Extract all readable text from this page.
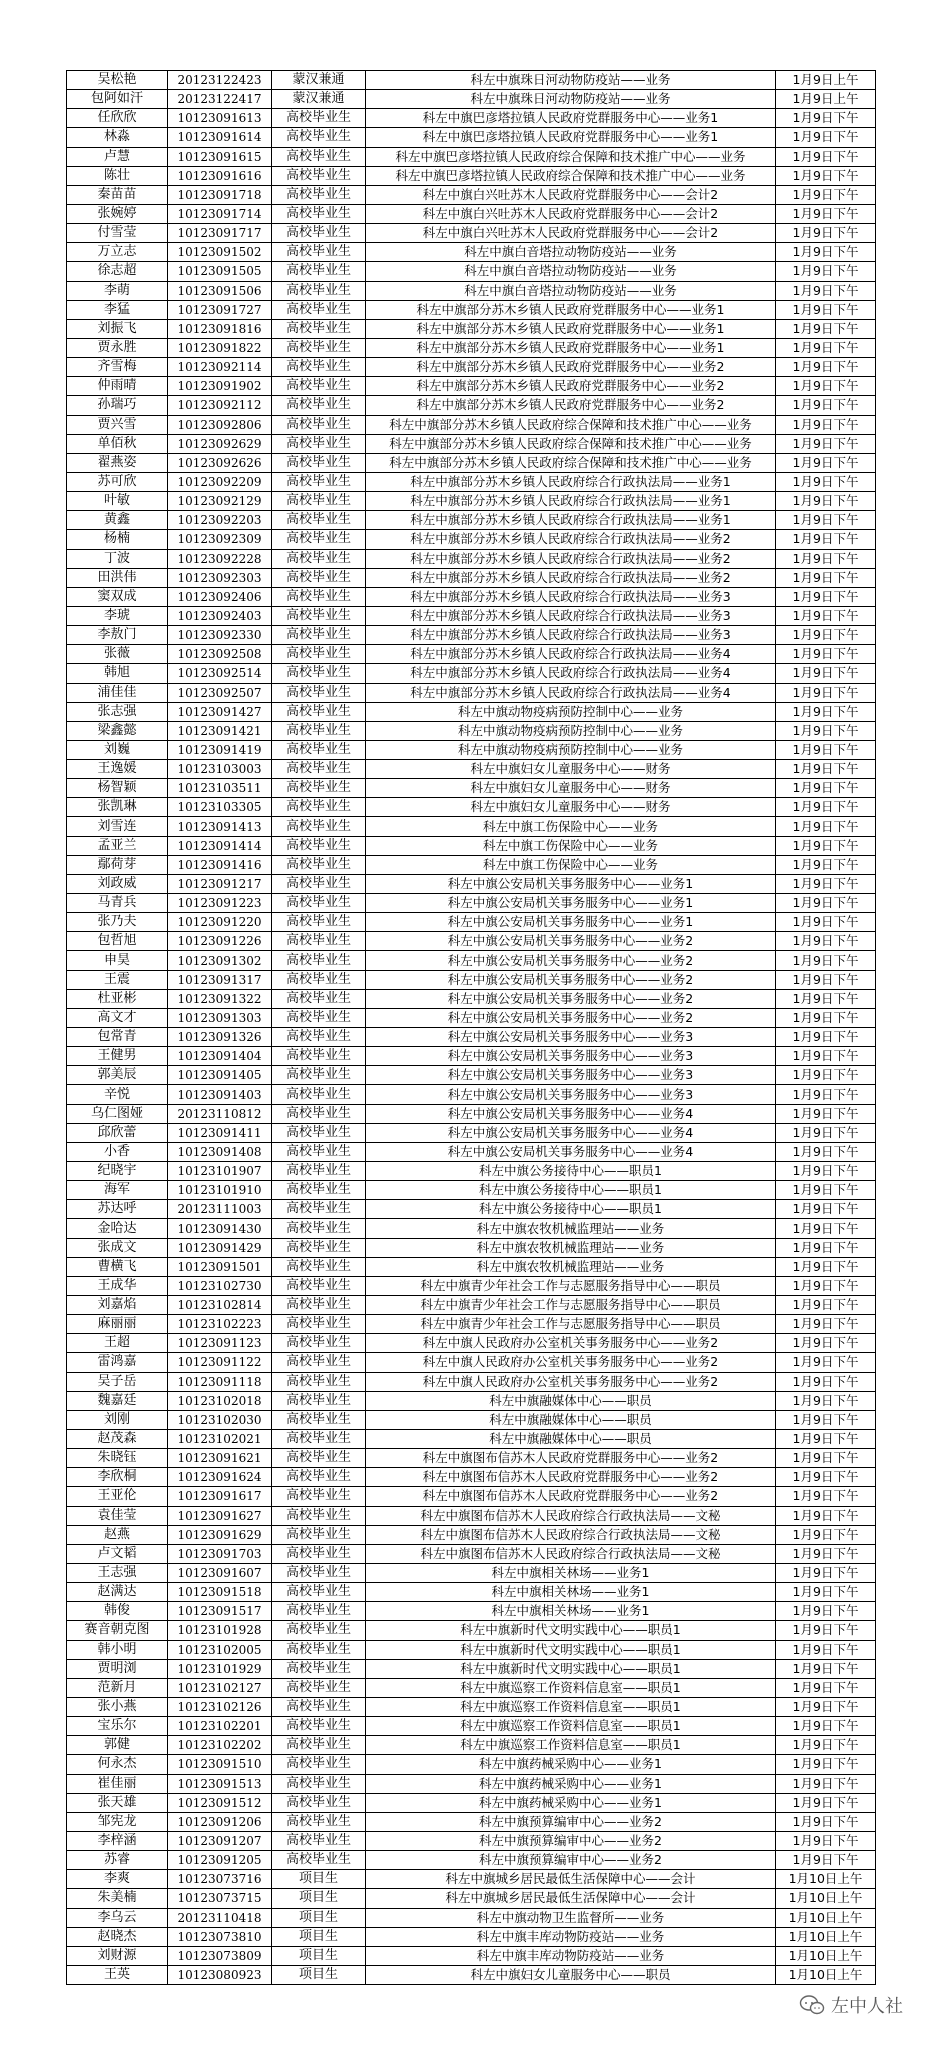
吴松艳	20123122423	蒙汉兼通	科左中旗珠日河动物防疫站——业务	1月9日上午
包阿如汗	20123122417	蒙汉兼通	科左中旗珠日河动物防疫站——业务	1月9日上午
任欣欣	10123091613	高校毕业生	科左中旗巴彦塔拉镇人民政府党群服务中心——业务1	1月9日下午
林淼	10123091614	高校毕业生	科左中旗巴彦塔拉镇人民政府党群服务中心——业务1	1月9日下午
卢慧	10123091615	高校毕业生	科左中旗巴彦塔拉镇人民政府综合保障和技术推广中心——业务	1月9日下午
陈壮	10123091616	高校毕业生	科左中旗巴彦塔拉镇人民政府综合保障和技术推广中心——业务	1月9日下午
秦苗苗	10123091718	高校毕业生	科左中旗白兴吐苏木人民政府党群服务中心——会计2	1月9日下午
张婉婷	10123091714	高校毕业生	科左中旗白兴吐苏木人民政府党群服务中心——会计2	1月9日下午
付雪莹	10123091717	高校毕业生	科左中旗白兴吐苏木人民政府党群服务中心——会计2	1月9日下午
万立志	10123091502	高校毕业生	科左中旗白音塔拉动物防疫站——业务	1月9日下午
徐志超	10123091505	高校毕业生	科左中旗白音塔拉动物防疫站——业务	1月9日下午
李萌	10123091506	高校毕业生	科左中旗白音塔拉动物防疫站——业务	1月9日下午
李猛	10123091727	高校毕业生	科左中旗部分苏木乡镇人民政府党群服务中心——业务1	1月9日下午
刘振飞	10123091816	高校毕业生	科左中旗部分苏木乡镇人民政府党群服务中心——业务1	1月9日下午
贾永胜	10123091822	高校毕业生	科左中旗部分苏木乡镇人民政府党群服务中心——业务1	1月9日下午
齐雪梅	10123092114	高校毕业生	科左中旗部分苏木乡镇人民政府党群服务中心——业务2	1月9日下午
仲雨晴	10123091902	高校毕业生	科左中旗部分苏木乡镇人民政府党群服务中心——业务2	1月9日下午
孙瑞巧	10123092112	高校毕业生	科左中旗部分苏木乡镇人民政府党群服务中心——业务2	1月9日下午
贾兴雪	10123092806	高校毕业生	科左中旗部分苏木乡镇人民政府综合保障和技术推广中心——业务	1月9日下午
单佰秋	10123092629	高校毕业生	科左中旗部分苏木乡镇人民政府综合保障和技术推广中心——业务	1月9日下午
翟燕姿	10123092626	高校毕业生	科左中旗部分苏木乡镇人民政府综合保障和技术推广中心——业务	1月9日下午
苏可欣	10123092209	高校毕业生	科左中旗部分苏木乡镇人民政府综合行政执法局——业务1	1月9日下午
叶敏	10123092129	高校毕业生	科左中旗部分苏木乡镇人民政府综合行政执法局——业务1	1月9日下午
黄鑫	10123092203	高校毕业生	科左中旗部分苏木乡镇人民政府综合行政执法局——业务1	1月9日下午
杨楠	10123092309	高校毕业生	科左中旗部分苏木乡镇人民政府综合行政执法局——业务2	1月9日下午
丁波	10123092228	高校毕业生	科左中旗部分苏木乡镇人民政府综合行政执法局——业务2	1月9日下午
田洪伟	10123092303	高校毕业生	科左中旗部分苏木乡镇人民政府综合行政执法局——业务2	1月9日下午
窦双成	10123092406	高校毕业生	科左中旗部分苏木乡镇人民政府综合行政执法局——业务3	1月9日下午
李琥	10123092403	高校毕业生	科左中旗部分苏木乡镇人民政府综合行政执法局——业务3	1月9日下午
李敖门	10123092330	高校毕业生	科左中旗部分苏木乡镇人民政府综合行政执法局——业务3	1月9日下午
张薇	10123092508	高校毕业生	科左中旗部分苏木乡镇人民政府综合行政执法局——业务4	1月9日下午
韩旭	10123092514	高校毕业生	科左中旗部分苏木乡镇人民政府综合行政执法局——业务4	1月9日下午
浦佳佳	10123092507	高校毕业生	科左中旗部分苏木乡镇人民政府综合行政执法局——业务4	1月9日下午
张志强	10123091427	高校毕业生	科左中旗动物疫病预防控制中心——业务	1月9日下午
梁鑫懿	10123091421	高校毕业生	科左中旗动物疫病预防控制中心——业务	1月9日下午
刘巍	10123091419	高校毕业生	科左中旗动物疫病预防控制中心——业务	1月9日下午
王逸媛	10123103003	高校毕业生	科左中旗妇女儿童服务中心——财务	1月9日下午
杨智颖	10123103511	高校毕业生	科左中旗妇女儿童服务中心——财务	1月9日下午
张凯琳	10123103305	高校毕业生	科左中旗妇女儿童服务中心——财务	1月9日下午
刘雪连	10123091413	高校毕业生	科左中旗工伤保险中心——业务	1月9日下午
孟亚兰	10123091414	高校毕业生	科左中旗工伤保险中心——业务	1月9日下午
鄢荷芽	10123091416	高校毕业生	科左中旗工伤保险中心——业务	1月9日下午
刘政威	10123091217	高校毕业生	科左中旗公安局机关事务服务中心——业务1	1月9日下午
马青兵	10123091223	高校毕业生	科左中旗公安局机关事务服务中心——业务1	1月9日下午
张乃夫	10123091220	高校毕业生	科左中旗公安局机关事务服务中心——业务1	1月9日下午
包哲旭	10123091226	高校毕业生	科左中旗公安局机关事务服务中心——业务2	1月9日下午
申昊	10123091302	高校毕业生	科左中旗公安局机关事务服务中心——业务2	1月9日下午
王震	10123091317	高校毕业生	科左中旗公安局机关事务服务中心——业务2	1月9日下午
杜亚彬	10123091322	高校毕业生	科左中旗公安局机关事务服务中心——业务2	1月9日下午
高文才	10123091303	高校毕业生	科左中旗公安局机关事务服务中心——业务2	1月9日下午
包常青	10123091326	高校毕业生	科左中旗公安局机关事务服务中心——业务3	1月9日下午
王健男	10123091404	高校毕业生	科左中旗公安局机关事务服务中心——业务3	1月9日下午
郭美辰	10123091405	高校毕业生	科左中旗公安局机关事务服务中心——业务3	1月9日下午
辛悦	10123091403	高校毕业生	科左中旗公安局机关事务服务中心——业务3	1月9日下午
乌仁图娅	20123110812	高校毕业生	科左中旗公安局机关事务服务中心——业务4	1月9日下午
邱欣蕾	10123091411	高校毕业生	科左中旗公安局机关事务服务中心——业务4	1月9日下午
小香	10123091408	高校毕业生	科左中旗公安局机关事务服务中心——业务4	1月9日下午
纪晓宇	10123101907	高校毕业生	科左中旗公务接待中心——职员1	1月9日下午
海军	10123101910	高校毕业生	科左中旗公务接待中心——职员1	1月9日下午
苏达呼	20123111003	高校毕业生	科左中旗公务接待中心——职员1	1月9日下午
金哈达	10123091430	高校毕业生	科左中旗农牧机械监理站——业务	1月9日下午
张成文	10123091429	高校毕业生	科左中旗农牧机械监理站——业务	1月9日下午
曹横飞	10123091501	高校毕业生	科左中旗农牧机械监理站——业务	1月9日下午
王成华	10123102730	高校毕业生	科左中旗青少年社会工作与志愿服务指导中心——职员	1月9日下午
刘嘉焰	10123102814	高校毕业生	科左中旗青少年社会工作与志愿服务指导中心——职员	1月9日下午
麻丽丽	10123102223	高校毕业生	科左中旗青少年社会工作与志愿服务指导中心——职员	1月9日下午
王超	10123091123	高校毕业生	科左中旗人民政府办公室机关事务服务中心——业务2	1月9日下午
雷鸿嘉	10123091122	高校毕业生	科左中旗人民政府办公室机关事务服务中心——业务2	1月9日下午
吴子岳	10123091118	高校毕业生	科左中旗人民政府办公室机关事务服务中心——业务2	1月9日下午
魏嘉廷	10123102018	高校毕业生	科左中旗融媒体中心——职员	1月9日下午
刘刚	10123102030	高校毕业生	科左中旗融媒体中心——职员	1月9日下午
赵茂森	10123102021	高校毕业生	科左中旗融媒体中心——职员	1月9日下午
朱晓钰	10123091621	高校毕业生	科左中旗图布信苏木人民政府党群服务中心——业务2	1月9日下午
李欣桐	10123091624	高校毕业生	科左中旗图布信苏木人民政府党群服务中心——业务2	1月9日下午
王亚伦	10123091617	高校毕业生	科左中旗图布信苏木人民政府党群服务中心——业务2	1月9日下午
袁佳莹	10123091627	高校毕业生	科左中旗图布信苏木人民政府综合行政执法局——文秘	1月9日下午
赵燕	10123091629	高校毕业生	科左中旗图布信苏木人民政府综合行政执法局——文秘	1月9日下午
卢文韬	10123091703	高校毕业生	科左中旗图布信苏木人民政府综合行政执法局——文秘	1月9日下午
王志强	10123091607	高校毕业生	科左中旗相关林场——业务1	1月9日下午
赵满达	10123091518	高校毕业生	科左中旗相关林场——业务1	1月9日下午
韩俊	10123091517	高校毕业生	科左中旗相关林场——业务1	1月9日下午
赛音朝克图	10123101928	高校毕业生	科左中旗新时代文明实践中心——职员1	1月9日下午
韩小明	10123102005	高校毕业生	科左中旗新时代文明实践中心——职员1	1月9日下午
贾明浏	10123101929	高校毕业生	科左中旗新时代文明实践中心——职员1	1月9日下午
范新月	10123102127	高校毕业生	科左中旗巡察工作资料信息室——职员1	1月9日下午
张小燕	10123102126	高校毕业生	科左中旗巡察工作资料信息室——职员1	1月9日下午
宝乐尔	10123102201	高校毕业生	科左中旗巡察工作资料信息室——职员1	1月9日下午
郭健	10123102202	高校毕业生	科左中旗巡察工作资料信息室——职员1	1月9日下午
何永杰	10123091510	高校毕业生	科左中旗药械采购中心——业务1	1月9日下午
崔佳丽	10123091513	高校毕业生	科左中旗药械采购中心——业务1	1月9日下午
张天雄	10123091512	高校毕业生	科左中旗药械采购中心——业务1	1月9日下午
邹宪龙	10123091206	高校毕业生	科左中旗预算编审中心——业务2	1月9日下午
李梓涵	10123091207	高校毕业生	科左中旗预算编审中心——业务2	1月9日下午
苏睿	10123091205	高校毕业生	科左中旗预算编审中心——业务2	1月9日下午
李爽	10123073716	项目生	科左中旗城乡居民最低生活保障中心——会计	1月10日上午
朱美楠	10123073715	项目生	科左中旗城乡居民最低生活保障中心——会计	1月10日上午
李乌云	20123110418	项目生	科左中旗动物卫生监督所——业务	1月10日上午
赵晓杰	10123073810	项目生	科左中旗丰库动物防疫站——业务	1月10日上午
刘财源	10123073809	项目生	科左中旗丰库动物防疫站——业务	1月10日上午
王英	10123080923	项目生	科左中旗妇女儿童服务中心——职员	1月10日上午
左中人社
